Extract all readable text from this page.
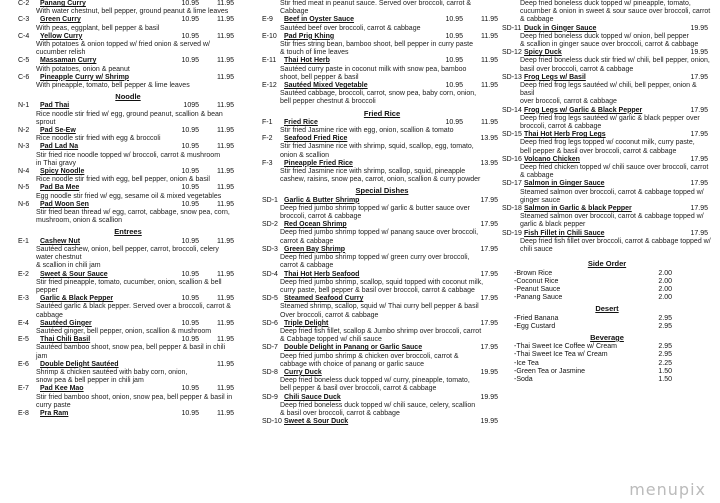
C-2	Panang Curry	10.95	11.95
With water chestnut, bell pepper, ground peanut & lime leaves
C-3	Green Curry	10.95	11.95
With peas, eggplant, bell pepper & basil
C-4	Yellow Curry	10.95	11.95
With potatoes & onion topped w/ fried onion & served w/
cucumber relish
C-5	Massaman Curry	10.95	11.95
With potatoes, onion & peanut
C-6	Pineapple Curry w/ Shrimp	11.95
With pineapple, tomato, bell pepper & lime leaves
Noodle
N-1	Pad Thai	1095	11.95
Rice noodle stir fried w/ egg, ground peanut, scallion & bean
sprout
N-2	Pad Se-Ew	10.95	11.95
Rice noodle stir fried with egg & broccoli
N-3	Pad Lad Na	10.95	11.95
Stir fried rice noodle topped w/ broccoli, carrot & mushroom
in Thai gravy
N-4	Spicy Noodle	10.95	11.95
Rice noodle stir fried with egg, bell pepper, onion & basil
N-5	Pad Ba Mee	10.95	11.95
Egg noodle stir fried w/ egg, sesame oil & mixed vegetables
N-6	Pad Woon Sen	10.95	11.95
Stir fried bean thread w/ egg, carrot, cabbage, snow pea, corn,
mushroom, onion & scallion
Entrees
E-1	Cashew Nut	10.95	11.95
Sautéed cashew, onion, bell pepper, carrot, broccoli, celery
water chestnut
& scallion in chili jam
E-2	Sweet & Sour Sauce	10.95	11.95
Stir fried pineapple, tomato, cucumber, onion, scallion & bell
pepper
E-3	Garlic & Black Pepper	10.95	11.95
Sautéed garlic & black pepper. Served over a broccoli, carrot &
cabbage
E-4	Sautéed Ginger	10.95	11.95
Sautéed ginger, bell pepper, onion, scallion & mushroom
E-5	Thai Chili Basil	10.95	11.95
Sautéed bamboo shoot, snow pea, bell pepper & basil in chili
jam
E-6	Double Delight Sautéed	11.95
Shrimp & chicken sautéed with baby corn, onion,
snow pea & bell pepper in chili jam
E-7	Pad Kee Mao	10.95	11.95
Stir fried bamboo shoot, onion, snow pea, bell pepper & basil in
curry paste
E-8	Pra Ram	10.95	11.95
Stir fried meat in peanut sauce. Served over broccoli, carrot &
Cabbage
E-9	Beef in Oyster Sauce	10.95	11.95
Sautéed beef over broccoli, carrot & cabbage
E-10	Pad Prig Khing	10.95	11.95
Stir fries string bean, bamboo shoot, bell pepper in curry paste
& touch of lime leaves
E-11	Thai Hot Herb	10.95	11.95
Sautéed curry paste in coconut milk with snow pea, bamboo
shoot, bell pepper & basil
E-12	Sautéed Mixed Vegetable	10.95	11.95
Sautéed cabbage, broccoli, carrot, snow pea, baby corn, onion,
bell pepper chestnut & broccoli
Fried Rice
F-1	Fried Rice	10.95	11.95
Stir fried Jasmine rice with egg, onion, scallion & tomato
F-2	Seafood Fried Rice	13.95
Stir fried Jasmine rice with shrimp, squid, scallop, egg, tomato,
onion & scallion
F-3	Pineapple Fried Rice	13.95
Stir fried Jasmine rice with shrimp, scallop, squid, pineapple
cashew, raisins, snow pea, carrot, onion, scallion & curry powder
Special Dishes
SD-1 Garlic & Butter Shrimp	17.95
Deep fried jumbo shrimp topped w/ garlic & butter sauce over
broccoli, carrot & cabbage
SD-2 Red Ocean Shrimp	17.95
Deep fried jumbo shrimp topped w/ panang sauce over broccoli,
carrot & cabbage
SD-3 Green Bay Shrimp	17.95
Deep fried jumbo shrimp topped w/ green curry over broccoli,
carrot & cabbage
SD-4 Thai Hot Herb Seafood	17.95
Deep fried jumbo shrimp, scallop, squid topped with coconut milk,
curry paste, bell pepper & basil over broccoli, carrot & cabbage
SD-5 Steamed Seafood Curry	17.95
Steamed shrimp, scallop, squid w/ Thai curry bell pepper & basil
Over broccoli, carrot & cabbage
SD-6 Triple Delight	17.95
Deep fried fish fillet, scallop & Jumbo shrimp over broccoli, carrot
& Cabbage topped w/ chili sauce
SD-7 Double Delight in Panang or Garlic Sauce	17.95
Deep fried jumbo shrimp & chicken over broccoli, carrot &
cabbage with choice of panang or garlic sauce
SD-8 Curry Duck	19.95
Deep fried boneless duck topped w/ curry, pineapple, tomato,
bell pepper & basil over broccoli, carrot & cabbage
SD-9 Chili Sauce Duck	19.95
Deep fried boneless duck topped w/ chili sauce, celery, scallion
& basil over broccoli, carrot & cabbage
SD-10 Sweet & Sour Duck	19.95
Deep fried boneless duck topped w/ pineapple, tomato,
cucumber & onion in sweet & sour sauce over broccoli, carrot
& cabbage
SD-11 Duck in Ginger Sauce	19.95
Deep fried boneless duck topped w/ onion, bell pepper
& scallion in ginger sauce over broccoli, carrot & cabbage
SD-12 Spicy Duck	19.95
Deep fried boneless duck stir fried w/ chili, bell pepper, onion,
basil over broccoli, carrot & cabbage
SD-13 Frog Legs w/ Basil	17.95
Deep fried frog legs sautéed w/ chili, bell pepper, onion & basil
over broccoli, carrot & cabbage
SD-14 Frog Legs w/ Garlic & Black Pepper	17.95
Deep fried frog legs sautéed w/ garlic & black pepper over
broccoli, carrot & cabbage
SD-15 Thai Hot Herb Frog Legs	17.95
Deep fried frog legs topped w/ coconut milk, curry paste,
bell pepper & basil over broccoli, carrot & cabbage
SD-16 Volcano Chicken	17.95
Deep fried chicken topped w/ chili sauce over broccoli, carrot
& cabbage
SD-17 Salmon in Ginger Sauce	17.95
Steamed salmon over broccoli, carrot & cabbage topped w/
ginger sauce
SD-18 Salmon in Garlic & black Pepper	17.95
Steamed salmon over broccoli, carrot & cabbage topped w/
garlic & black pepper
SD-19 Fish Fillet in Chili Sauce	17.95
Deep fried fish fillet over broccoli, carrot & cabbage topped w/
chili sauce
Side Order
-Brown Rice	2.00
-Coconut Rice	2.00
-Peanut Sauce	2.00
-Panang Sauce	2.00
Desert
-Fried Banana	2.95
-Egg Custard	2.95
Beverage
-Thai Sweet Ice Coffee w/ Cream	2.95
-Thai Sweet Ice Tea w/ Cream	2.95
-Ice Tea	2.25
-Green Tea or Jasmine	1.50
-Soda	1.50
menupix
